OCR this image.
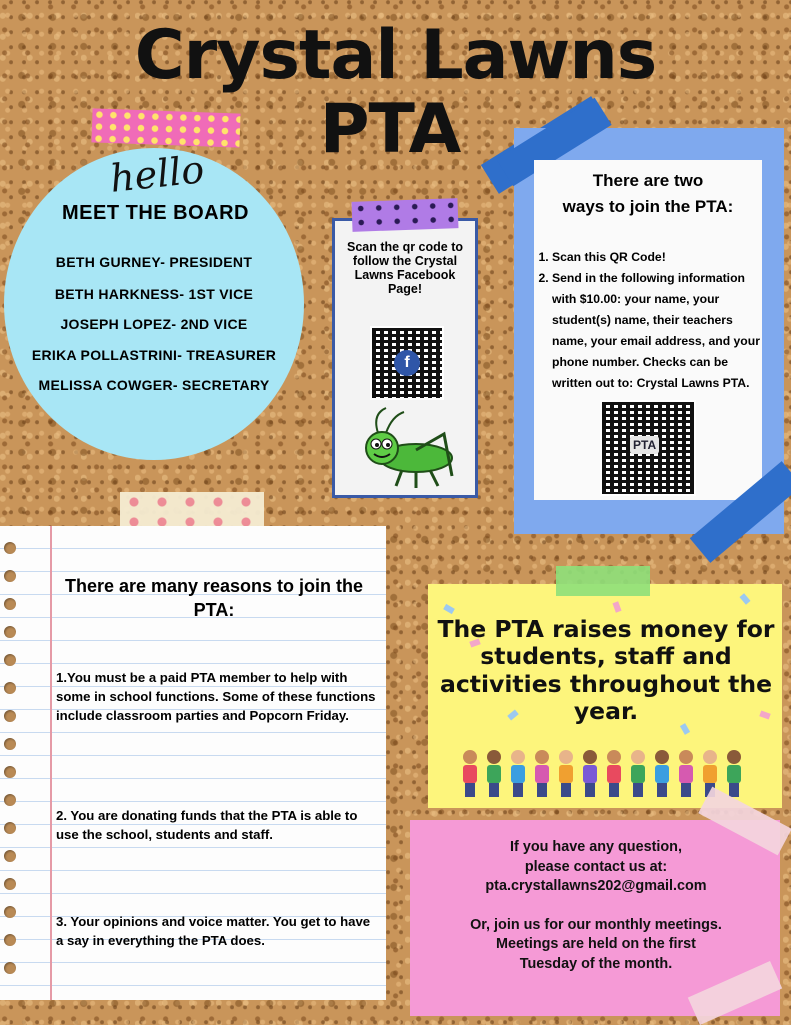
Crystal Lawns
PTA
hello
MEET THE BOARD
BETH GURNEY- PRESIDENT
BETH HARKNESS- 1ST VICE
JOSEPH LOPEZ- 2ND VICE
ERIKA POLLASTRINI- TREASURER
MELISSA COWGER- SECRETARY
Scan the qr code to follow the Crystal Lawns Facebook Page!
f
There are two
ways to join the PTA:
1. Scan this QR Code!
2. Send in the following information with $10.00: your name, your student(s) name, their teachers name, your email address, and your phone number. Checks can be written out to: Crystal Lawns PTA.
PTA
There are many reasons to join the PTA:
1.You must be a paid PTA member to help with some in school functions. Some of these functions include classroom parties and Popcorn Friday.
2. You are donating funds that the PTA is able to use the school, students and staff.
3. Your opinions and voice matter. You get to have a say in everything the PTA does.
The PTA raises money for students, staff and activities throughout the year.
If you have any question,
please contact us at:
pta.crystallawns202@gmail.com
Or, join us for our monthly meetings.
Meetings are held on the first
Tuesday of the month.
